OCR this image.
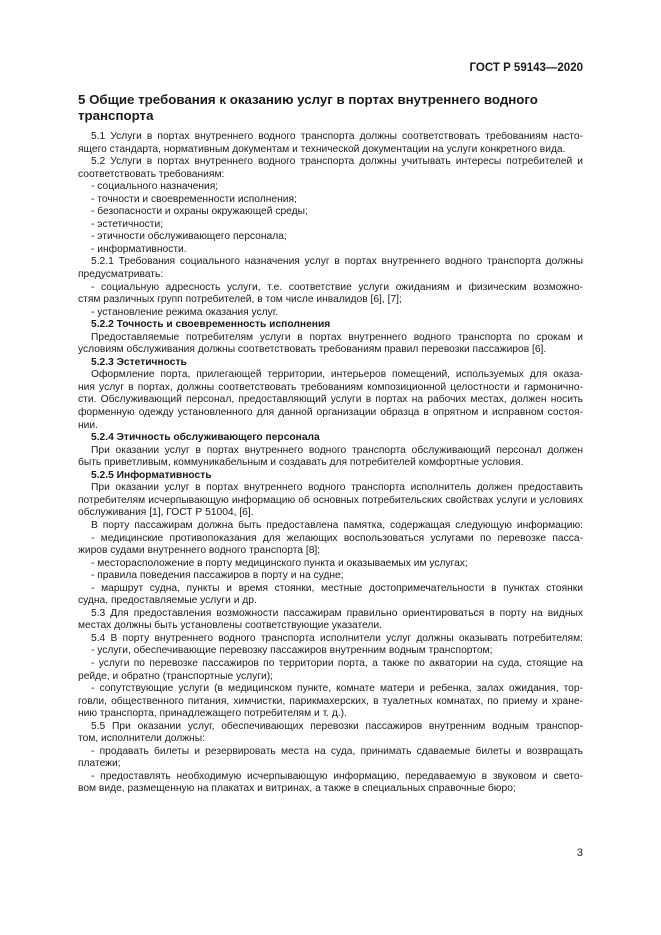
ГОСТ Р 59143—2020
5 Общие требования к оказанию услуг в портах внутреннего водного
транспорта
5.1 Услуги в портах внутреннего водного транспорта должны соответствовать требованиям насто-
ящего стандарта, нормативным документам и технической документации на услуги конкретного вида.
5.2 Услуги в портах внутреннего водного транспорта должны учитывать интересы потребителей и
соответствовать требованиям:
- социального назначения;
- точности и своевременности исполнения;
- безопасности и охраны окружающей среды;
- эстетичности;
- этичности обслуживающего персонала;
- информативности.
5.2.1 Требования социального назначения услуг в портах внутреннего водного транспорта должны
предусматривать:
- социальную адресность услуги, т.е. соответствие услуги ожиданиям и физическим возможно-
стям различных групп потребителей, в том числе инвалидов [6], [7];
- установление режима оказания услуг.
5.2.2 Точность и своевременность исполнения
Предоставляемые потребителям услуги в портах внутреннего водного транспорта по срокам и
условиям обслуживания должны соответствовать требованиям правил перевозки пассажиров [6].
5.2.3 Эстетичность
Оформление порта, прилегающей территории, интерьеров помещений, используемых для оказа-
ния услуг в портах, должны соответствовать требованиям композиционной целостности и гармонично-
сти. Обслуживающий персонал, предоставляющий услуги в портах на рабочих местах, должен носить
форменную одежду установленного для данной организации образца в опрятном и исправном состоя-
нии.
5.2.4 Этичность обслуживающего персонала
При оказании услуг в портах внутреннего водного транспорта обслуживающий персонал должен
быть приветливым, коммуникабельным и создавать для потребителей комфортные условия.
5.2.5 Информативность
При оказании услуг в портах внутреннего водного транспорта исполнитель должен предоставить
потребителям исчерпывающую информацию об основных потребительских свойствах услуги и условиях
обслуживания [1], ГОСТ Р 51004, [6].
В порту пассажирам должна быть предоставлена памятка, содержащая следующую информацию:
- медицинские противопоказания для желающих воспользоваться услугами по перевозке пасса-
жиров судами внутреннего водного транспорта [8];
- месторасположение в порту медицинского пункта и оказываемых им услугах;
- правила поведения пассажиров в порту и на судне;
- маршрут судна, пункты и время стоянки, местные достопримечательности в пунктах стоянки
судна, предоставляемые услуги и др.
5.3 Для предоставления возможности пассажирам правильно ориентироваться в порту на видных
местах должны быть установлены соответствующие указатели.
5.4 В порту внутреннего водного транспорта исполнители услуг должны оказывать потребителям:
- услуги, обеспечивающие перевозку пассажиров внутренним водным транспортом;
- услуги по перевозке пассажиров по территории порта, а также по акватории на суда, стоящие на
рейде, и обратно (транспортные услуги);
- сопутствующие услуги (в медицинском пункте, комнате матери и ребенка, залах ожидания, тор-
говли, общественного питания, химчистки, парикмахерских, в туалетных комнатах, по приему и хране-
нию транспорта, принадлежащего потребителям и т. д.).
5.5 При оказании услуг, обеспечивающих перевозки пассажиров внутренним водным транспор-
том, исполнители должны:
- продавать билеты и резервировать места на суда, принимать сдаваемые билеты и возвращать
платежи;
- предоставлять необходимую исчерпывающую информацию, передаваемую в звуковом и свето-
вом виде, размещенную на плакатах и витринах, а также в специальных справочные бюро;
3
